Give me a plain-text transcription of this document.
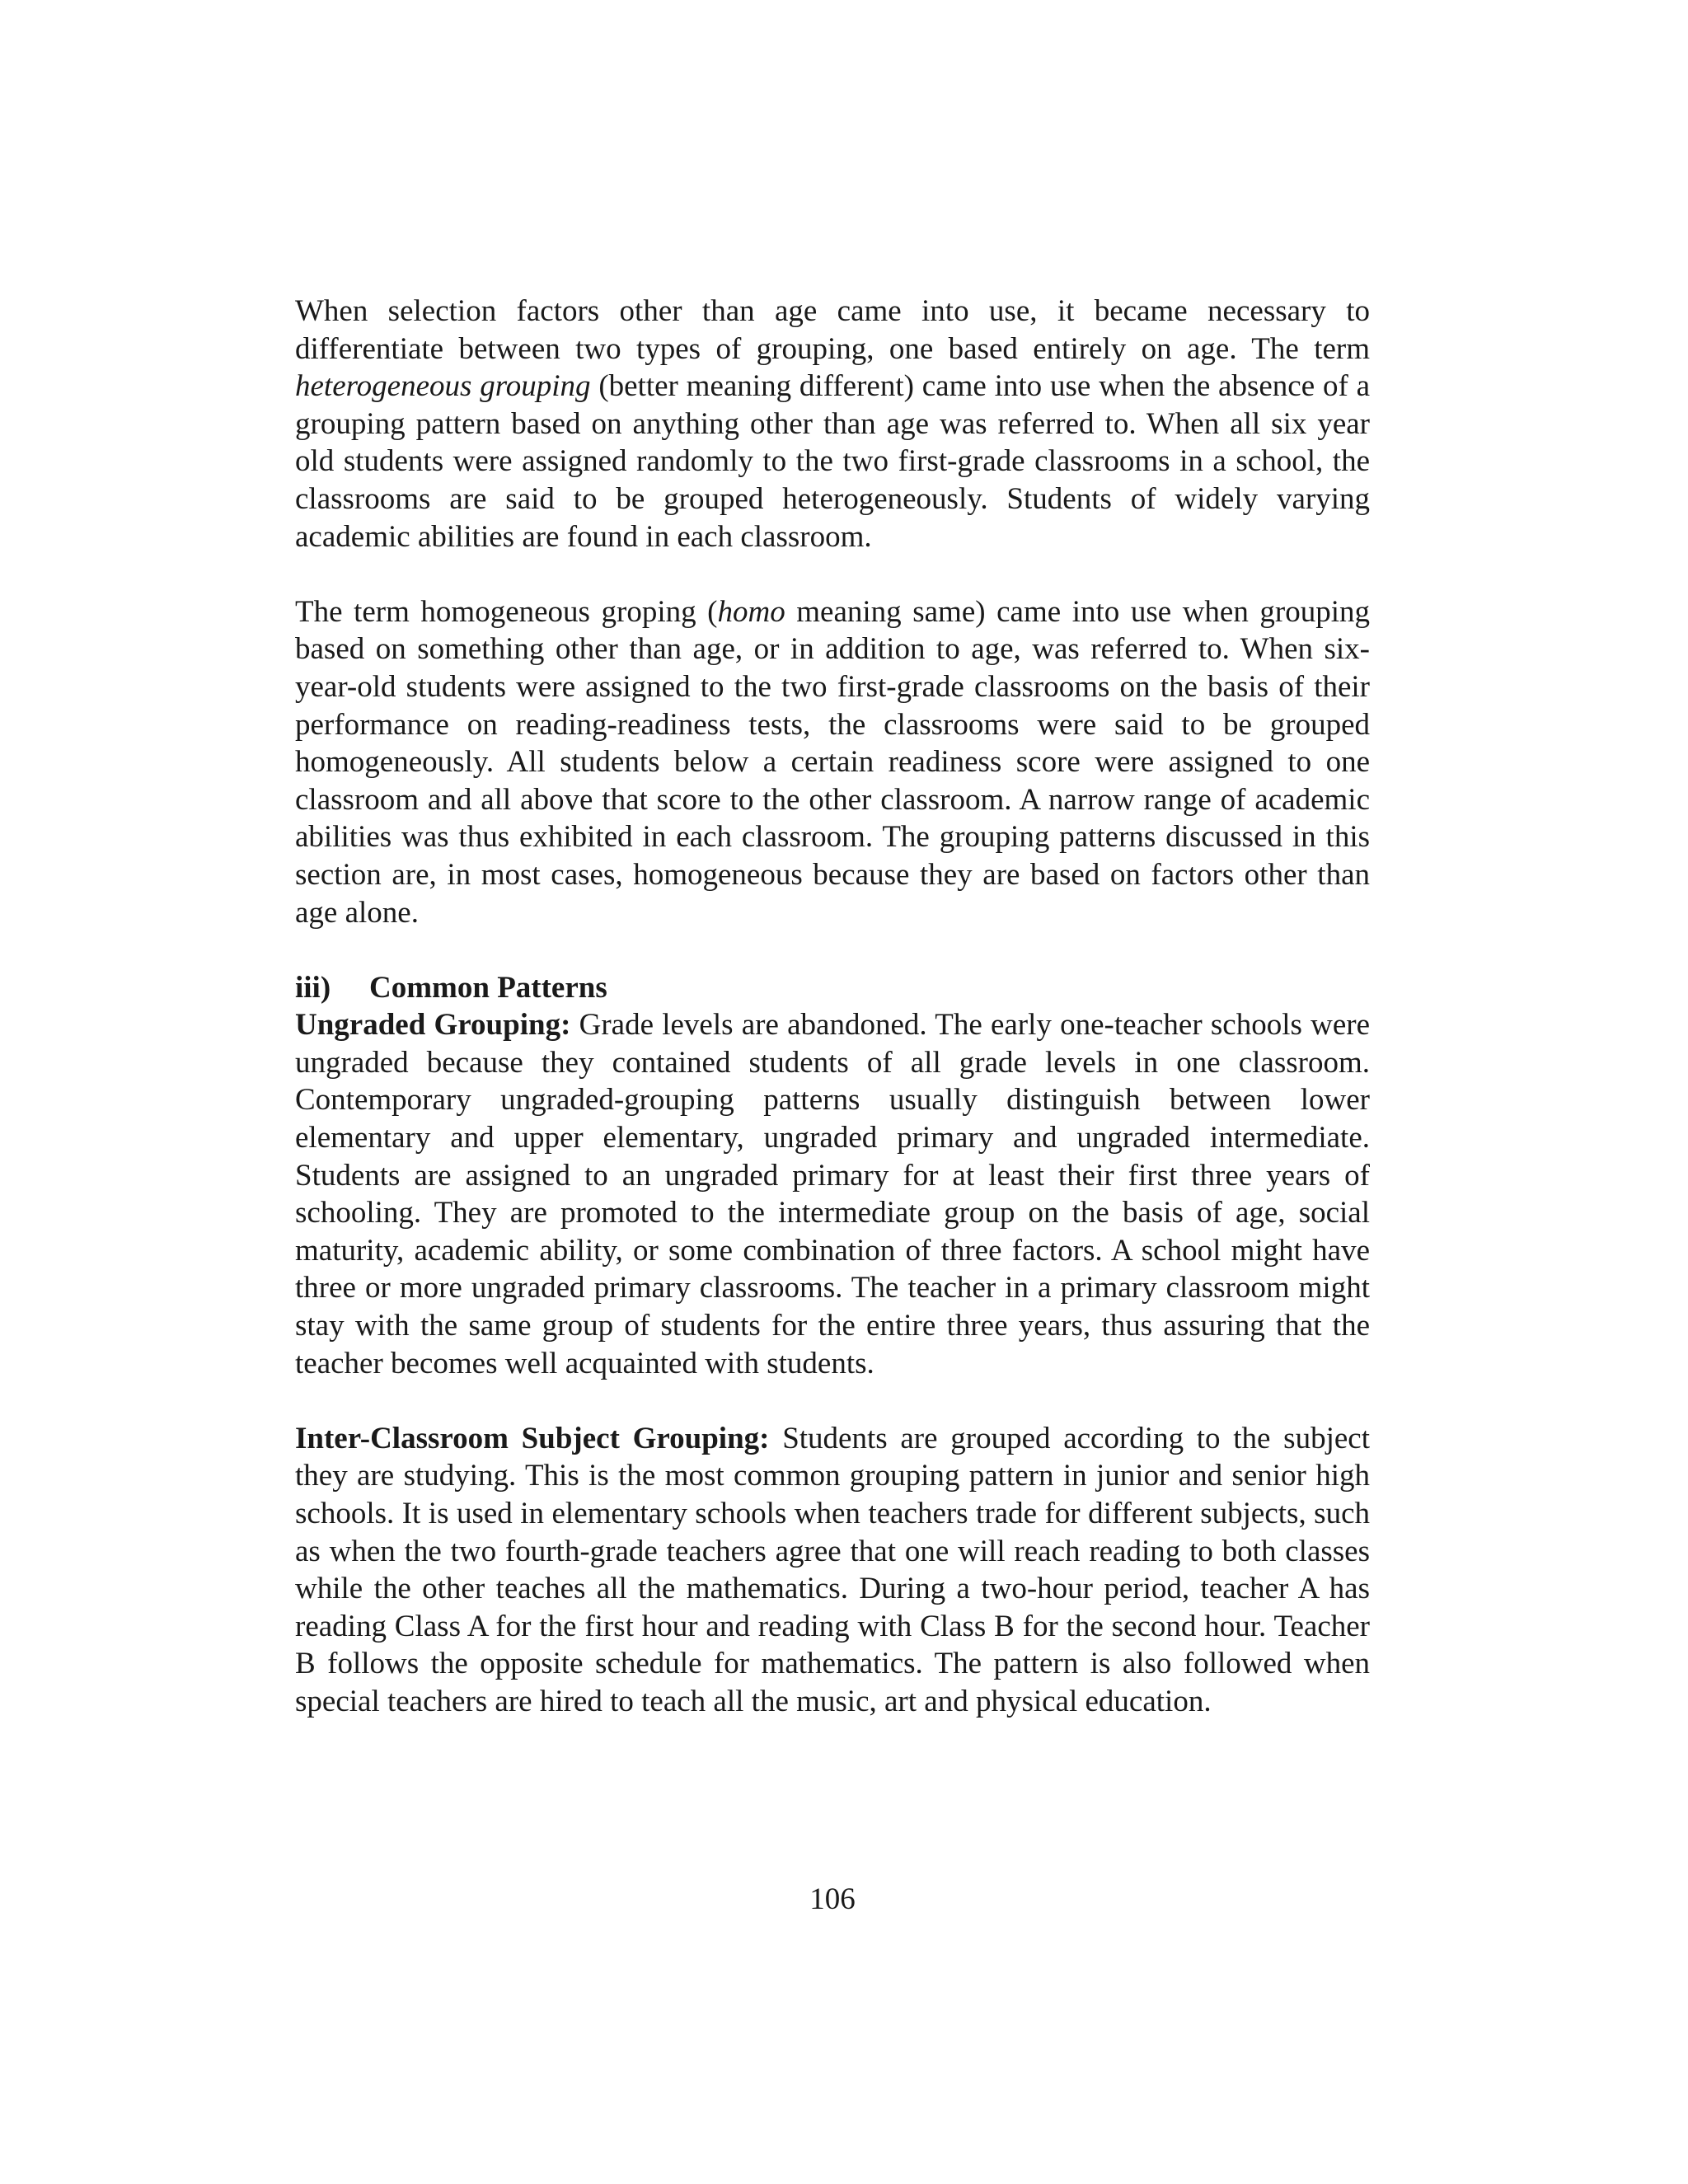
When selection factors other than age came into use, it became necessary to differentiate between two types of grouping, one based entirely on age. The term heterogeneous grouping (better meaning different) came into use when the absence of a grouping pattern based on anything other than age was referred to. When all six year old students were assigned randomly to the two first-grade classrooms in a school, the classrooms are said to be grouped heterogeneously. Students of widely varying academic abilities are found in each classroom.

The term homogeneous groping (homo meaning same) came into use when grouping based on something other than age, or in addition to age, was referred to. When six-year-old students were assigned to the two first-grade classrooms on the basis of their performance on reading-readiness tests, the classrooms were said to be grouped homogeneously. All students below a certain readiness score were assigned to one classroom and all above that score to the other classroom. A narrow range of academic abilities was thus exhibited in each classroom. The grouping patterns discussed in this section are, in most cases, homogeneous because they are based on factors other than age alone.

iii)	Common Patterns

Ungraded Grouping: Grade levels are abandoned. The early one-teacher schools were ungraded because they contained students of all grade levels in one classroom. Contemporary ungraded-grouping patterns usually distinguish between lower elementary and upper elementary, ungraded primary and ungraded intermediate. Students are assigned to an ungraded primary for at least their first three years of schooling. They are promoted to the intermediate group on the basis of age, social maturity, academic ability, or some combination of three factors. A school might have three or more ungraded primary classrooms. The teacher in a primary classroom might stay with the same group of students for the entire three years, thus assuring that the teacher becomes well acquainted with students.

Inter-Classroom Subject Grouping: Students are grouped according to the subject they are studying. This is the most common grouping pattern in junior and senior high schools. It is used in elementary schools when teachers trade for different subjects, such as when the two fourth-grade teachers agree that one will reach reading to both classes while the other teaches all the mathematics. During a two-hour period, teacher A has reading Class A for the first hour and reading with Class B for the second hour. Teacher B follows the opposite schedule for mathematics. The pattern is also followed when special teachers are hired to teach all the music, art and physical education.

106
